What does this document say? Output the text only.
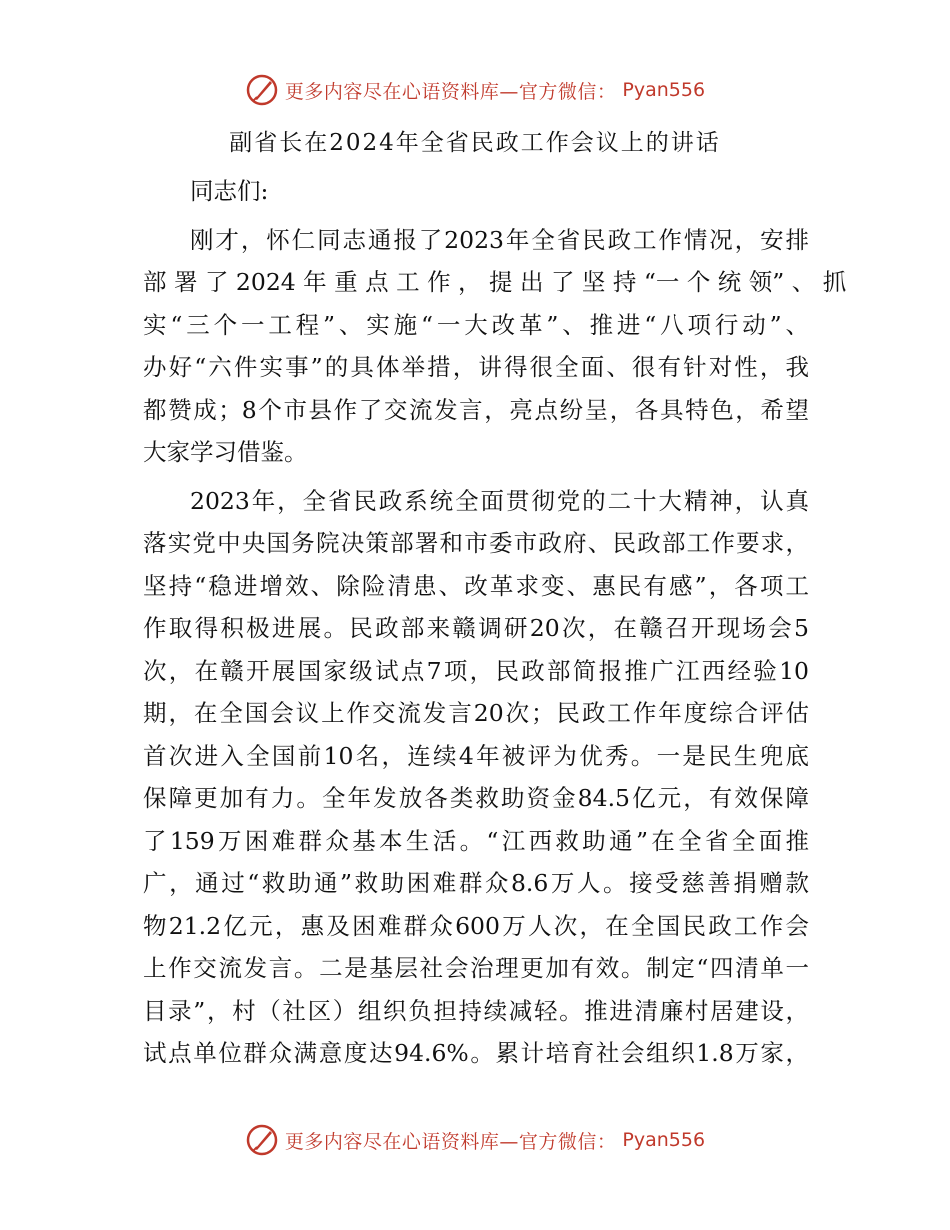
更多内容尽在心语资料库—官方微信： Pyan556
副省长在2024年全省民政工作会议上的讲话
同志们:
刚才，怀仁同志通报了2023年全省民政工作情况，安排
部 署 了 2024 年 重 点 工 作 ， 提 出 了 坚 持 “一 个 统 领” 、 抓
实“三个一工程”、实施“一大改革”、推进“八项行动”、
办好“六件实事”的具体举措，讲得很全面、很有针对性，我
都赞成；8个市县作了交流发言，亮点纷呈，各具特色，希望
大家学习借鉴。
2023年，全省民政系统全面贯彻党的二十大精神，认真
落实党中央国务院决策部署和市委市政府、民政部工作要求，
坚持“稳进增效、除险清患、改革求变、惠民有感”，各项工
作取得积极进展。民政部来赣调研20次，在赣召开现场会5
次，在赣开展国家级试点7项，民政部简报推广江西经验10
期，在全国会议上作交流发言20次；民政工作年度综合评估
首次进入全国前10名，连续4年被评为优秀。一是民生兜底
保障更加有力。全年发放各类救助资金84.5亿元，有效保障
了159万困难群众基本生活。“江西救助通”在全省全面推
广，通过“救助通”救助困难群众8.6万人。接受慈善捐赠款
物21.2亿元，惠及困难群众600万人次，在全国民政工作会
上作交流发言。二是基层社会治理更加有效。制定“四清单一
目录”，村（社区）组织负担持续减轻。推进清廉村居建设，
试点单位群众满意度达94.6%。累计培育社会组织1.8万家，
更多内容尽在心语资料库—官方微信： Pyan556
